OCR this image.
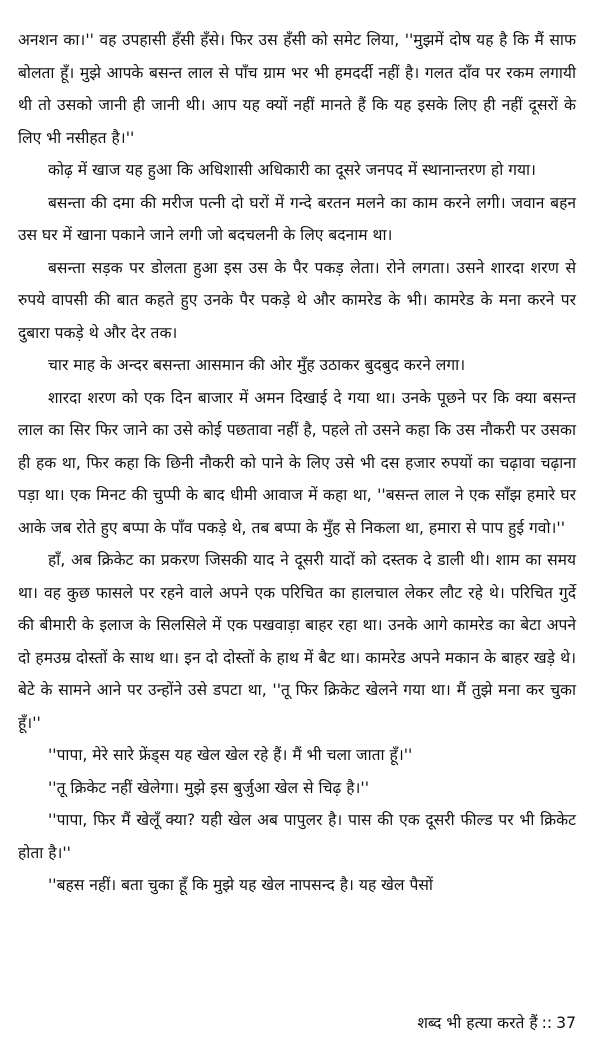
अनशन का।'' वह उपहासी हँसी हँसे। फिर उस हँसी को समेट लिया, ''मुझमें दोष यह है कि मैं साफ बोलता हूँ। मुझे आपके बसन्त लाल से पाँच ग्राम भर भी हमदर्दी नहीं है। गलत दाँव पर रकम लगायी थी तो उसको जानी ही जानी थी। आप यह क्यों नहीं मानते हैं कि यह इसके लिए ही नहीं दूसरों के लिए भी नसीहत है।''

कोढ़ में खाज यह हुआ कि अधिशासी अधिकारी का दूसरे जनपद में स्थानान्तरण हो गया।

बसन्ता की दमा की मरीज पत्नी दो घरों में गन्दे बरतन मलने का काम करने लगी। जवान बहन उस घर में खाना पकाने जाने लगी जो बदचलनी के लिए बदनाम था।

बसन्ता सड़क पर डोलता हुआ इस उस के पैर पकड़ लेता। रोने लगता। उसने शारदा शरण से रुपये वापसी की बात कहते हुए उनके पैर पकड़े थे और कामरेड के भी। कामरेड के मना करने पर दुबारा पकड़े थे और देर तक।

चार माह के अन्दर बसन्ता आसमान की ओर मुँह उठाकर बुदबुद करने लगा।

शारदा शरण को एक दिन बाजार में अमन दिखाई दे गया था। उनके पूछने पर कि क्या बसन्त लाल का सिर फिर जाने का उसे कोई पछतावा नहीं है, पहले तो उसने कहा कि उस नौकरी पर उसका ही हक था, फिर कहा कि छिनी नौकरी को पाने के लिए उसे भी दस हजार रुपयों का चढ़ावा चढ़ाना पड़ा था। एक मिनट की चुप्पी के बाद धीमी आवाज में कहा था, ''बसन्त लाल ने एक साँझ हमारे घर आके जब रोते हुए बप्पा के पाँव पकड़े थे, तब बप्पा के मुँह से निकला था, हमारा से पाप हुई गवो।''

हाँ, अब क्रिकेट का प्रकरण जिसकी याद ने दूसरी यादों को दस्तक दे डाली थी। शाम का समय था। वह कुछ फासले पर रहने वाले अपने एक परिचित का हालचाल लेकर लौट रहे थे। परिचित गुर्दे की बीमारी के इलाज के सिलसिले में एक पखवाड़ा बाहर रहा था। उनके आगे कामरेड का बेटा अपने दो हमउम्र दोस्तों के साथ था। इन दो दोस्तों के हाथ में बैट था। कामरेड अपने मकान के बाहर खड़े थे। बेटे के सामने आने पर उन्होंने उसे डपटा था, ''तू फिर क्रिकेट खेलने गया था। मैं तुझे मना कर चुका हूँ।''

''पापा, मेरे सारे फ्रेंड्स यह खेल खेल रहे हैं। मैं भी चला जाता हूँ।''

''तू क्रिकेट नहीं खेलेगा। मुझे इस बुर्जुआ खेल से चिढ़ है।''

''पापा, फिर मैं खेलूँ क्या? यही खेल अब पापुलर है। पास की एक दूसरी फील्ड पर भी क्रिकेट होता है।''

''बहस नहीं। बता चुका हूँ कि मुझे यह खेल नापसन्द है। यह खेल पैसों

शब्द भी हत्या करते हैं :: 37
